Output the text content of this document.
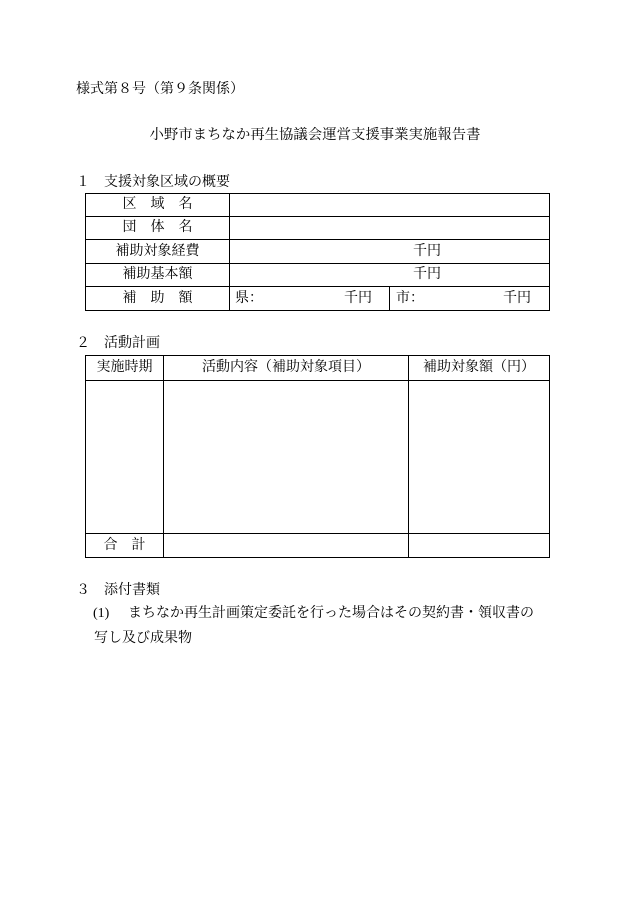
様式第８号（第９条関係）
小野市まちなか再生協議会運営支援事業実施報告書
１　支援対象区域の概要
区　域　名
団　体　名
補助対象経費	千円
補助基本額	千円
補　助　額	県：	千円 市：	千円
２　活動計画
実施時期	活動内容（補助対象項目）	補助対象額（円）
合　計
３　添付書類
(1) まちなか再生計画策定委託を行った場合はその契約書・領収書の
写し及び成果物
